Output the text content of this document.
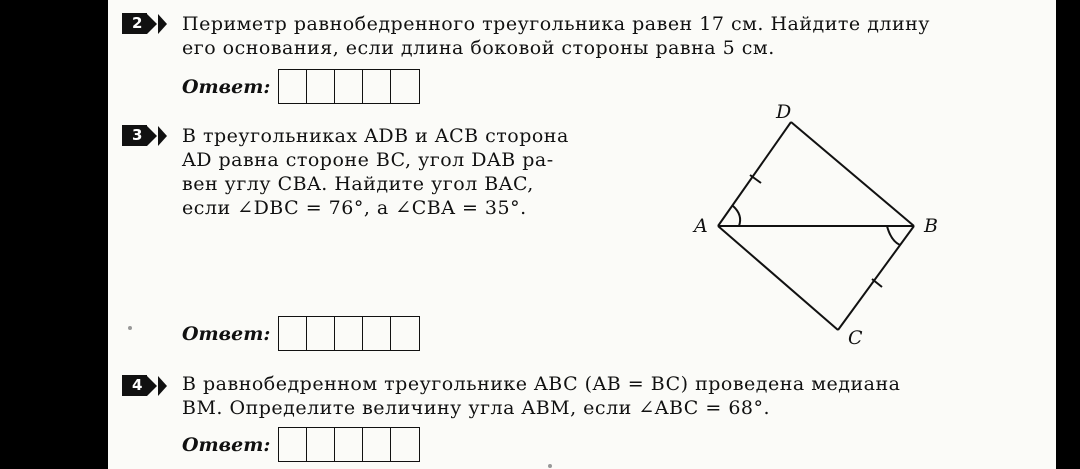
2 Периметр равнобедренного треугольника равен 17 см. Найдите длину

его основания, если длина боковой стороны равна 5 см.

Ответ:
3 В треугольниках ADB и ACB сторона

AD равна стороне BC, угол DAB ра-

вен углу CBA. Найдите угол BAC,

если ∠DBC = 76°, а ∠CBA = 35°.

Ответ:
D
A	B
C
4 В равнобедренном треугольнике ABC (AB = BC) проведена медиана

BM. Определите величину угла ABM, если ∠ABC = 68°.

Ответ:
